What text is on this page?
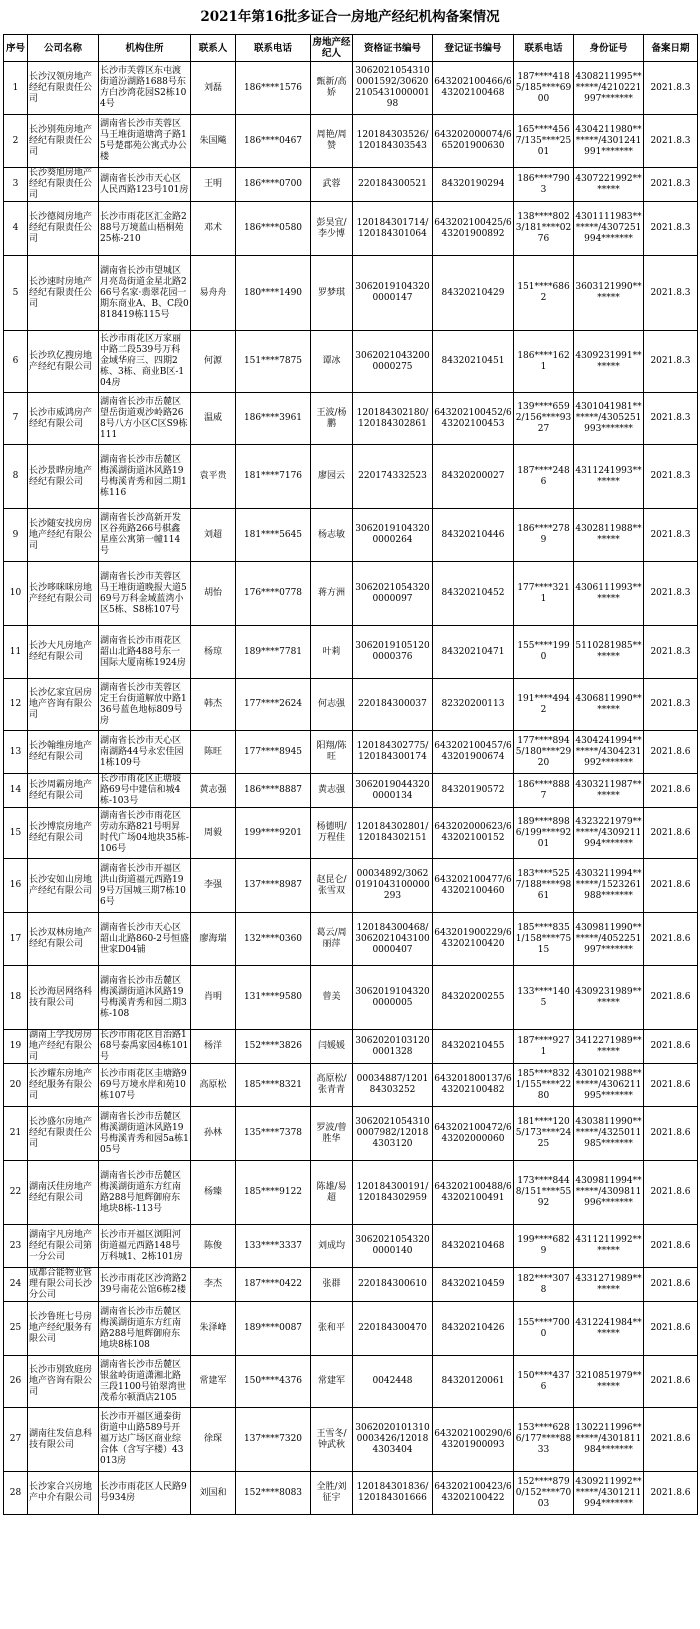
2021年第16批多证合一房地产经纪机构备案情况
序号	公司名称	机构住所	联系人	联系电话	房地产经纪人	资格证书编号	登记证书编号	联系电话	身份证号	备案日期
1	长沙汉领房地产经纪有限责任公司	长沙市芙蓉区东屯渡街道汾湖路1688号东方白沙湾花园S2栋104号	刘磊	186****1576	甄新/高娇	30620210543100001592/30620210543100000198	643202100466/643202100468	187****4185/185****6900	4308211995*******/4210221997*******	2021.8.3
2	长沙别苑房地产经纪有限责任公司	湖南省长沙市芙蓉区马王堆街道塘湾子路15号楚郡苑公寓式办公楼	朱国飚	186****0467	周艳/周赞	120184303526/120184303543	643202000074/665201900630	165****4567/135****2501	4304211980*******/4301241991*******	2021.8.3
3	长沙葵旭房地产经纪有限责任公司	湖南省长沙市天心区人民西路123号101房	王明	186****0700	武蓉	220184300521	84320190294	186****7903	4307221992*******	2021.8.3
4	长沙德阅房地产经纪有限责任公司	长沙市雨花区汇金路288号万境蓝山梧桐苑25栋-210	邓术	186****0580	彭昊宜/李少博	120184301714/120184301064	643202100425/643201900892	138****8023/181****0276	4301111983*******/4307251994*******	2021.8.3
5	长沙速时房地产经纪有限责任公司	湖南省长沙市望城区月亮岛街道金星北路266号名家·翡翠花园一期东商业A、B、C段0818419栋115号	易舟舟	180****1490	罗梦琪	30620191043200000147	84320210429	151****6862	3603121990*******	2021.8.3
6	长沙玖亿搜房地产经纪有限公司	长沙市雨花区万家丽中路二段539号万科金域华府三、四期2栋、3栋、商业B区-104房	何源	151****7875	谭冰	30620210432000000275	84320210451	186****1621	4309231991*******	2021.8.3
7	长沙市威鸿房产经纪有限公司	湖南省长沙市岳麓区望岳街道观沙岭路268号八方小区C区S9栋111	温威	186****3961	王波/杨鹏	120184302180/120184302861	643202100452/643202100453	139****6592/156****9327	4301041981*******/4305251993*******	2021.8.3
8	长沙景晔房地产经纪有限公司	湖南省长沙市岳麓区梅溪湖街道沐风路19号梅溪青秀和园二期1栋116	袁平贵	181****7176	廖园云	220174332523	84320200027	187****2486	4311241993*******	2021.8.3
9	长沙随安找房房地产经纪有限公司	湖南省长沙高新开发区谷苑路266号棋鑫星座公寓第一幢114号	刘超	181****5645	杨志敏	30620191043200000264	84320210446	186****2789	4302811988*******	2021.8.3
10	长沙哆咪咪房地产经纪有限公司	湖南省长沙市芙蓉区马王堆街道晚报大道569号万科金域蓝湾小区5栋、S8栋107号	胡怡	176****0778	蒋方洲	30620210543200000097	84320210452	177****3211	4306111993*******	2021.8.3
11	长沙大凡房地产经纪有限公司	湖南省长沙市雨花区韶山北路488号东一国际大厦南栋1924房	杨琼	189****7781	叶莉	30620191051200000376	84320210471	155****1990	5110281985*******	2021.8.3
12	长沙亿家宜居房地产咨询有限公司	湖南省长沙市芙蓉区定王台街道解放中路136号蓝色地标809号房	韩杰	177****2624	何志强	220184300037	82320200113	191****4942	4306811990*******	2021.8.3
13	长沙翰维房地产经纪有限公司	湖南省长沙市天心区南湖路44号永宏佳园1栋109号	陈旺	177****8945	阳翔/陈旺	120184302775/120184300174	643202100457/643201900674	177****8945/180****2920	4304241994*******/4304231992*******	2021.8.6
14	长沙周霸房地产经纪有限公司	长沙市雨花区正塘坡路69号中建信和城4栋-103号	黄志强	186****8887	黄志强	30620190443200000134	84320190572	186****8887	4303211987*******	2021.8.6
15	长沙博宸房地产经纪有限公司	湖南省长沙市雨花区劳动东路821号明昇时代广场04地块35栋-106号	周毅	199****9201	杨德明/万程佳	120184302801/120184302151	643202000623/643202100152	189****8986/199****9201	4323221979*******/4309211994*******	2021.8.6
16	长沙安如山房地产经纪有限公司	湖南省长沙市开福区洪山街道福元西路199号万国城三期7栋106号	李强	137****8987	赵昆仑/张雪双	00034892/30620191043100000293	643202100477/643202100460	183****5257/188****9861	4303211994*******/1523261988*******	2021.8.6
17	长沙双林房地产经纪有限公司	湖南省长沙市天心区韶山北路860-2号恒盛世家D04铺	廖海瑞	132****0360	葛云/周丽萍	120184300468/30620210431000000407	643201900229/643202100420	185****8351/158****7515	4309811990*******/4052251997*******	2021.8.6
18	长沙海居网络科技有限公司	湖南省长沙市岳麓区梅溪湖街道沐风路19号梅溪青秀和园二期3栋-108	肖明	131****9580	曾美	30620191043200000005	84320200255	133****1405	4309231989*******	2021.8.6
19	湖南上学找房房地产经纪有限公司	长沙市雨花区自治路168号泰禹家园4栋101号	杨洋	152****3826	闫媛媛	30620201031200001328	84320210455	187****9271	3412271989*******	2021.8.6
20	长沙耀东房地产经纪服务有限公司	长沙市雨花区圭塘路969号万境水岸和苑10栋107号	高原松	185****8321	高原松/张青青	00034887/120184303252	643201800137/643202100482	185****8321/155****2280	4301021988*******/4306211995*******	2021.8.6
21	长沙盛尔房地产经纪有限责任公司	湖南省长沙市岳麓区梅溪湖街道沐风路19号梅溪青秀和园5a栋105号	孙林	135****7378	罗波/曾胜华	30620210543100007982/120184303120	643202100472/643202000060	181****1205/173****2425	4303811990*******/4325011985*******	2021.8.6
22	湖南沃佳房地产经纪有限公司	湖南省长沙市岳麓区梅溪湖街道东方红南路288号旭辉御府东地块8栋-113号	杨臻	185****9122	陈雄/易超	120184300191/120184302959	643202100488/643202100491	173****8448/151****5592	4309811994*******/4309811996*******	2021.8.6
23	湖南宇凡房地产经纪有限公司第一分公司	长沙市开福区浏阳河街道福元西路148号万科城1、2栋101房	陈俊	133****3337	刘成均	30620210543200000140	84320210468	199****6829	4311211992*******	2021.8.6
24	成都合能物业管理有限公司长沙分公司	长沙市雨花区沙湾路239号南花公馆6栋2楼	李杰	187****0422	张群	220184300610	84320210459	182****3078	4331271989*******	2021.8.6
25	长沙鲁班七号房地产经纪服务有限公司	湖南省长沙市岳麓区梅溪湖街道东方红南路288号旭辉御府东地块8栋108	朱泽峰	189****0087	张和平	220184300470	84320210426	155****7000	4312241984*******	2021.8.6
26	长沙市别致庭房地产咨询有限公司	湖南省长沙市岳麓区银盆岭街道潇湘北路三段1100号铂翠湾世茂希尔顿酒店2105	常建军	150****4376	常建军	0042448	84320120061	150****4376	3210851979*******	2021.8.6
27	湖南往发信息科技有限公司	长沙市开福区通泰街街道中山路589号开福万达广场区商业综合体（含写字楼）43013房	徐琛	137****7320	王雪冬/钟武秋	30620201013100003426/120184303404	643202100290/643201900093	153****6286/177****8833	1302211996*******/4301811984*******	2021.8.6
28	长沙家合兴房地产中介有限公司	长沙市雨花区人民路9号934房	刘国和	152****8083	全胜/刘征宇	120184301836/120184301666	643202100423/643202100422	152****8790/152****7003	4309211992*******/4301211994*******	2021.8.6
